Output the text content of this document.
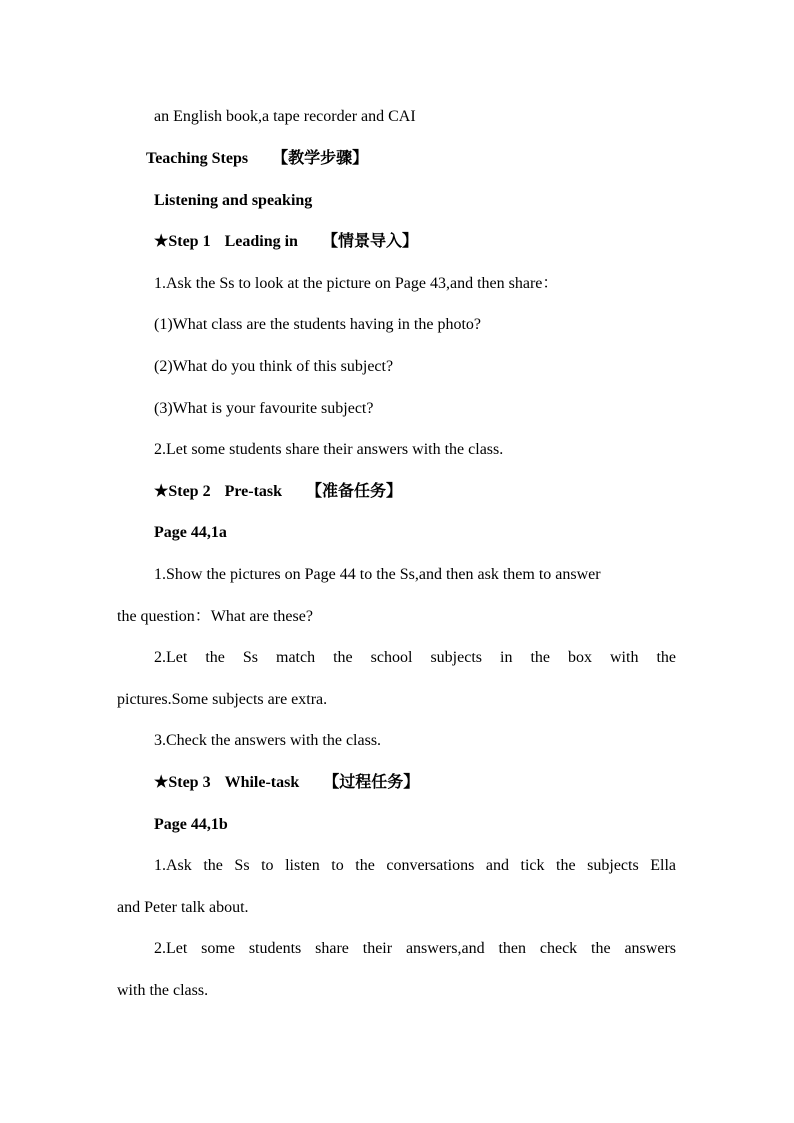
an English book,a tape recorder and CAI
Teaching Steps 【教学步骤】
Listening and speaking
★Step 1 Leading in 【情景导入】
1.Ask the Ss to look at the picture on Page 43,and then share：
(1)What class are the students having in the photo?
(2)What do you think of this subject?
(3)What is your favourite subject?
2.Let some students share their answers with the class.
★Step 2 Pre-task 【准备任务】
Page 44,1a
1.Show the pictures on Page 44 to the Ss,and then ask them to answer
the question：What are these?
2.Let the Ss match the school subjects in the box with the
pictures.Some subjects are extra.
3.Check the answers with the class.
★Step 3 While-task 【过程任务】
Page 44,1b
1.Ask the Ss to listen to the conversations and tick the subjects Ella
and Peter talk about.
2.Let some students share their answers,and then check the answers
with the class.
